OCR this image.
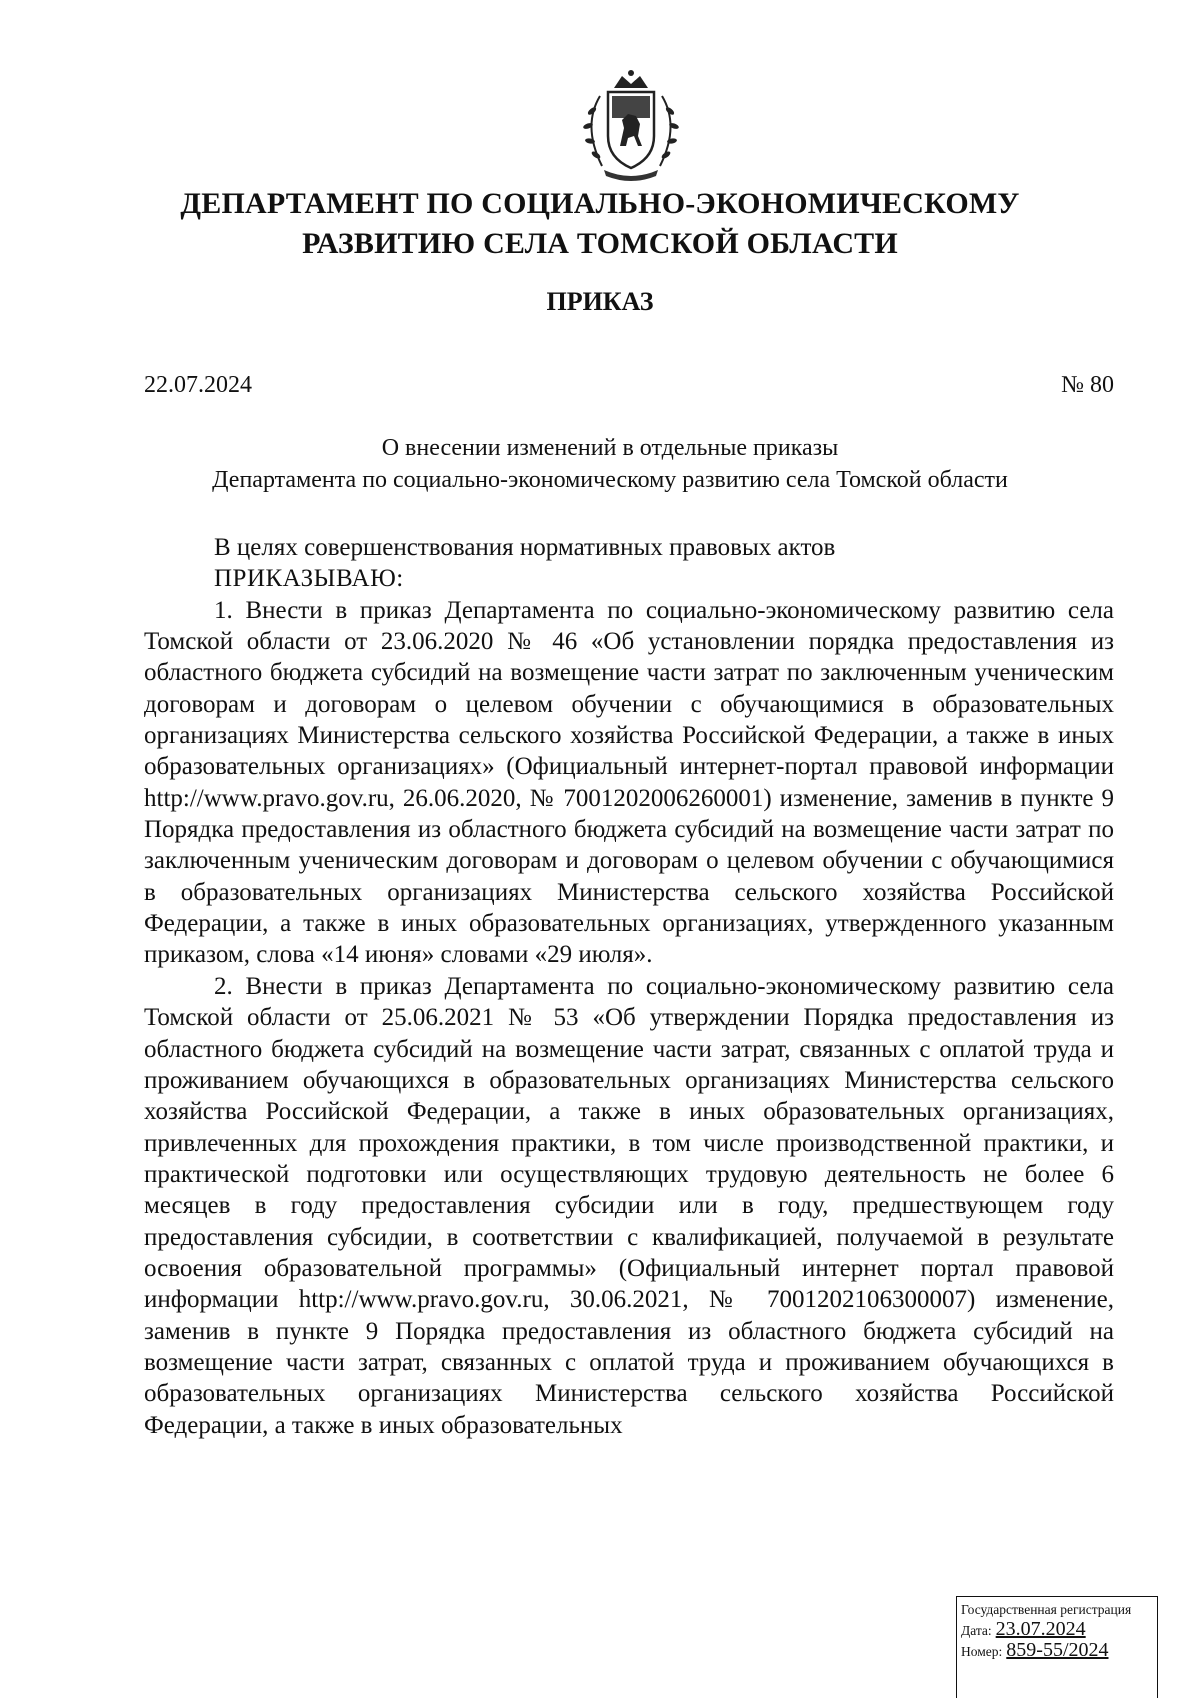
ДЕПАРТАМЕНТ ПО СОЦИАЛЬНО-ЭКОНОМИЧЕСКОМУ
РАЗВИТИЮ СЕЛА ТОМСКОЙ ОБЛАСТИ
ПРИКАЗ
22.07.2024	№ 80
О внесении изменений в отдельные приказы
Департамента по социально-экономическому развитию села Томской области

В целях совершенствования нормативных правовых актов

ПРИКАЗЫВАЮ:

1. Внести в приказ Департамента по социально-экономическому развитию села Томской области от 23.06.2020 № 46 «Об установлении порядка предоставления из областного бюджета субсидий на возмещение части затрат по заключенным ученическим договорам и договорам о целевом обучении с обучающимися в образовательных организациях Министерства сельского хозяйства Российской Федерации, а также в иных образовательных организациях» (Официальный интернет-портал правовой информации http://www.pravo.gov.ru, 26.06.2020, № 7001202006260001) изменение, заменив в пункте 9 Порядка предоставления из областного бюджета субсидий на возмещение части затрат по заключенным ученическим договорам и договорам о целевом обучении с обучающимися в образовательных организациях Министерства сельского хозяйства Российской Федерации, а также в иных образовательных организациях, утвержденного указанным приказом, слова «14 июня» словами «29 июля».

2. Внести в приказ Департамента по социально-экономическому развитию села Томской области от 25.06.2021 № 53 «Об утверждении Порядка предоставления из областного бюджета субсидий на возмещение части затрат, связанных с оплатой труда и проживанием обучающихся в образовательных организациях Министерства сельского хозяйства Российской Федерации, а также в иных образовательных организациях, привлеченных для прохождения практики, в том числе производственной практики, и практической подготовки или осуществляющих трудовую деятельность не более 6 месяцев в году предоставления субсидии или в году, предшествующем году предоставления субсидии, в соответствии с квалификацией, получаемой в результате освоения образовательной программы» (Официальный интернет портал правовой информации http://www.pravo.gov.ru, 30.06.2021, № 7001202106300007) изменение, заменив в пункте 9 Порядка предоставления из областного бюджета субсидий на возмещение части затрат, связанных с оплатой труда и проживанием обучающихся в образовательных организациях Министерства сельского хозяйства Российской Федерации, а также в иных образовательных

Государственная регистрация
Дата: 23.07.2024
Номер: 859-55/2024
